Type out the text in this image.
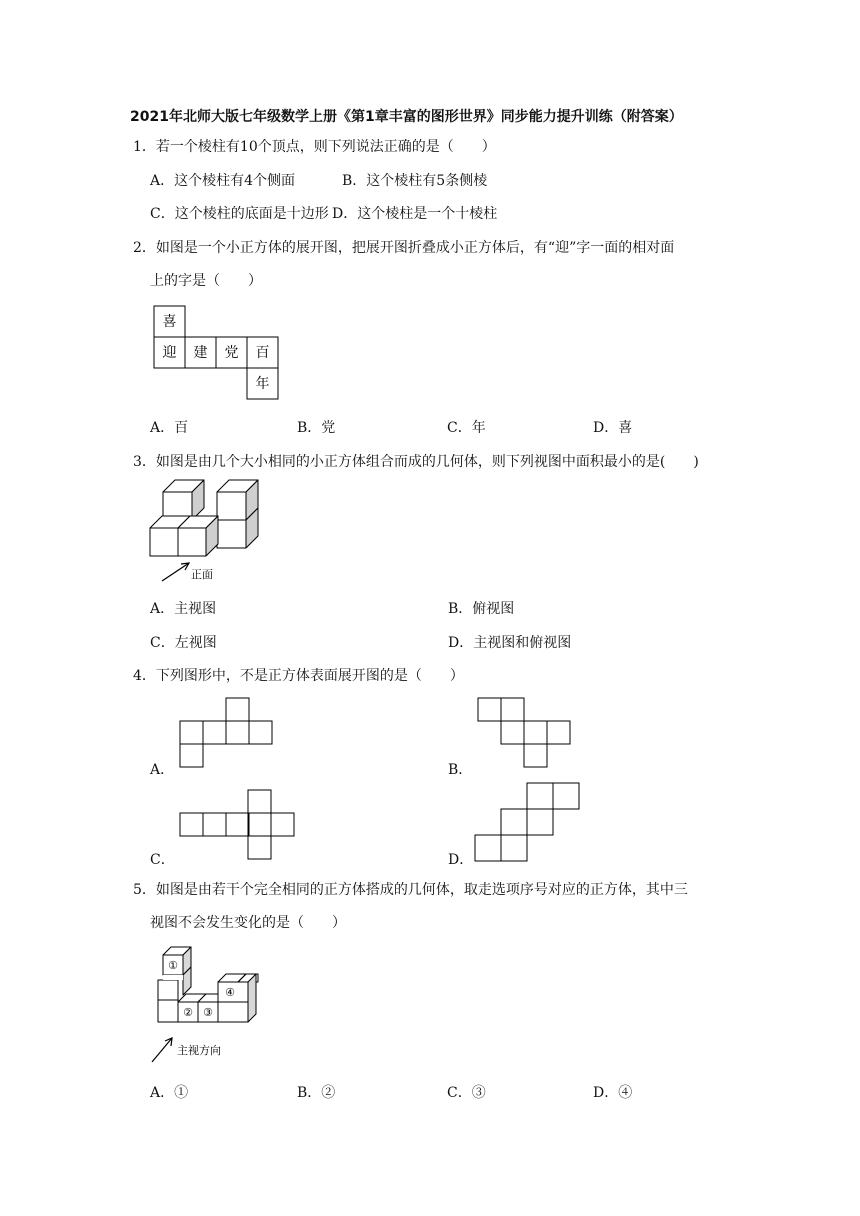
2021年北师大版七年级数学上册《第1章丰富的图形世界》同步能力提升训练（附答案）
1．若一个棱柱有10个顶点，则下列说法正确的是（　　）
A．这个棱柱有4个侧面	B．这个棱柱有5条侧棱
C．这个棱柱的底面是十边形 D．这个棱柱是一个十棱柱
2．如图是一个小正方体的展开图，把展开图折叠成小正方体后，有“迎”字一面的相对面
上的字是（　　）
喜
迎 建 党 百
年
A．百	B．党	C．年	D．喜
3．如图是由几个大小相同的小正方体组合而成的几何体，则下列视图中面积最小的是(　　)
正面
A．主视图	B．俯视图
C．左视图	D．主视图和俯视图
4．下列图形中，不是正方体表面展开图的是（　　）
A．	B．
C．	D．
5．如图是由若干个完全相同的正方体搭成的几何体，取走选项序号对应的正方体，其中三
视图不会发生变化的是（　　）
①
② ③
④
主视方向
A．①	B．②	C．③	D．④
